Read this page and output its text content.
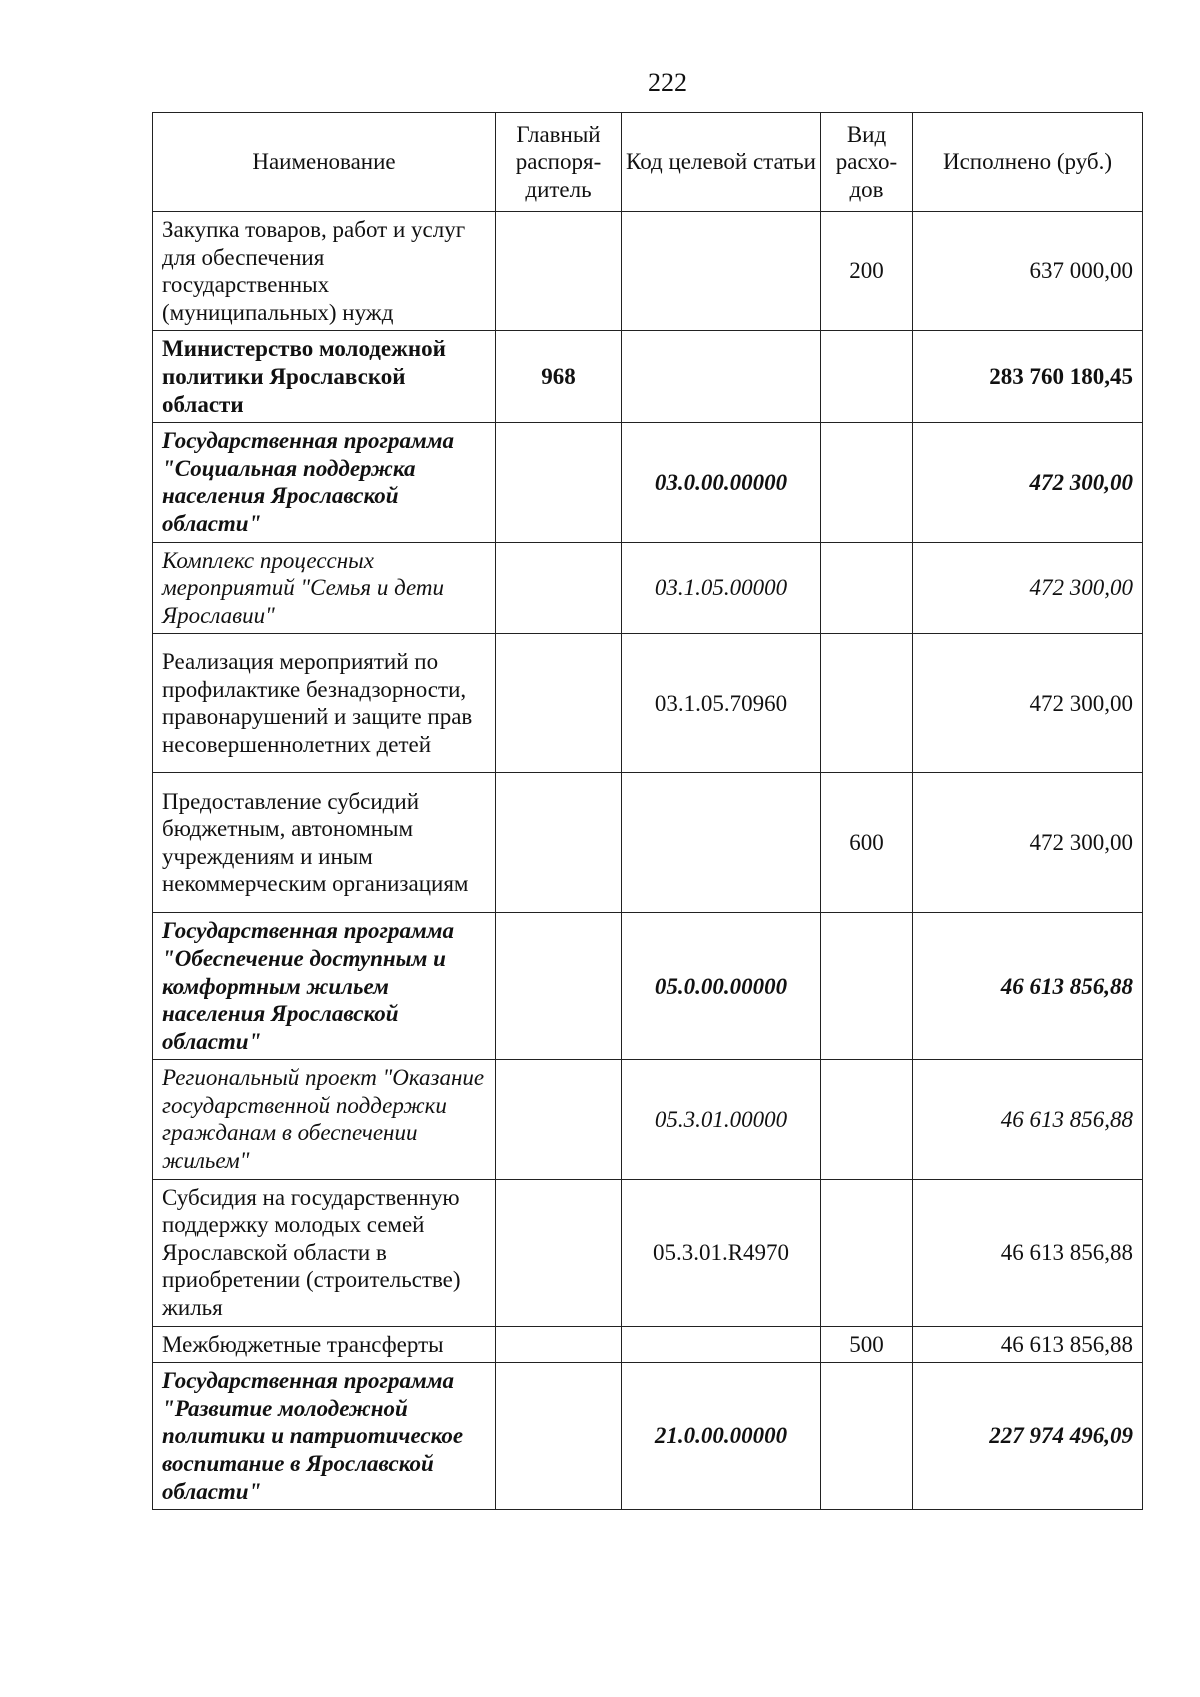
222
Наименование	Главный распоря-дитель	Код целевой статьи	Вид расхо-дов	Исполнено (руб.)
Закупка товаров, работ и услуг для обеспечения государственных (муниципальных) нужд			200	637 000,00
Министерство молодежной политики Ярославской области	968			283 760 180,45
Государственная программа "Социальная поддержка населения Ярославской области"		03.0.00.00000		472 300,00
Комплекс процессных мероприятий "Семья и дети Ярославии"		03.1.05.00000		472 300,00
Реализация мероприятий по профилактике безнадзорности, правонарушений и защите прав несовершеннолетних детей		03.1.05.70960		472 300,00
Предоставление субсидий бюджетным, автономным учреждениям и иным некоммерческим организациям			600	472 300,00
Государственная программа "Обеспечение доступным и комфортным жильем населения Ярославской области"		05.0.00.00000		46 613 856,88
Региональный проект "Оказание государственной поддержки гражданам в обеспечении жильем"		05.3.01.00000		46 613 856,88
Субсидия на государственную поддержку молодых семей Ярославской области в приобретении (строительстве) жилья		05.3.01.R4970		46 613 856,88
Межбюджетные трансферты			500	46 613 856,88
Государственная программа "Развитие молодежной политики и патриотическое воспитание в Ярославской области"		21.0.00.00000		227 974 496,09
